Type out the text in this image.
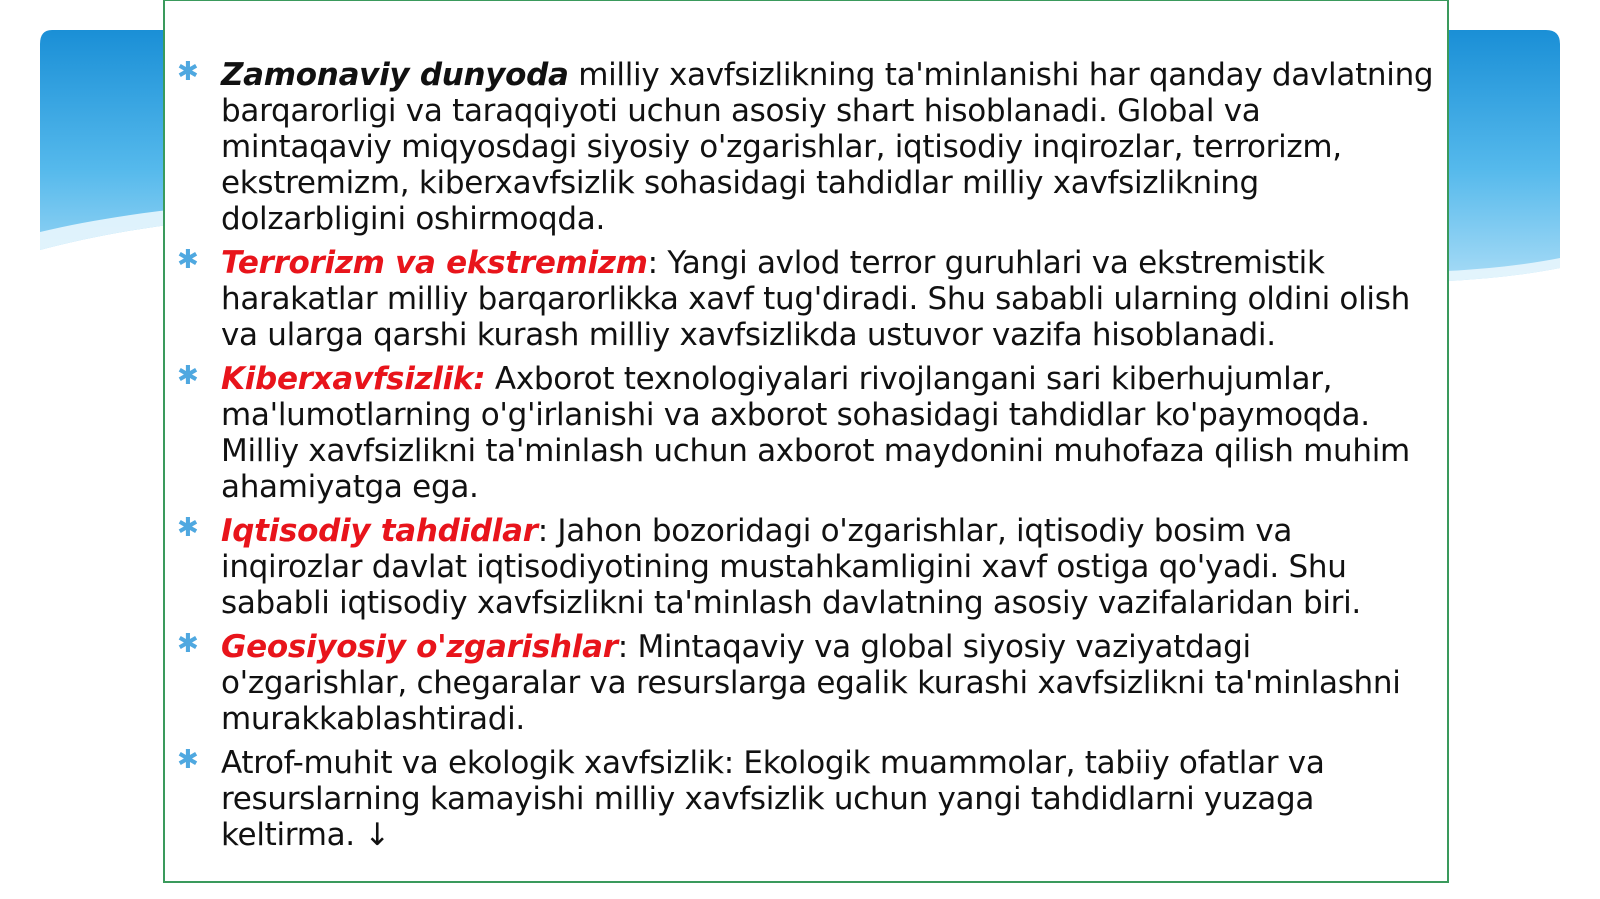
✱ Zamonaviy dunyoda milliy xavfsizlikning ta'minlanishi har qanday davlatning barqarorligi va taraqqiyoti uchun asosiy shart hisoblanadi. Global va mintaqaviy miqyosdagi siyosiy o'zgarishlar, iqtisodiy inqirozlar, terrorizm, ekstremizm, kiberxavfsizlik sohasidagi tahdidlar milliy xavfsizlikning dolzarbligini oshirmoqda.
✱ Terrorizm va ekstremizm: Yangi avlod terror guruhlari va ekstremistik harakatlar milliy barqarorlikka xavf tug'diradi. Shu sababli ularning oldini olish va ularga qarshi kurash milliy xavfsizlikda ustuvor vazifa hisoblanadi.
✱ Kiberxavfsizlik: Axborot texnologiyalari rivojlangani sari kiberhujumlar, ma'lumotlarning o'g'irlanishi va axborot sohasidagi tahdidlar ko'paymoqda. Milliy xavfsizlikni ta'minlash uchun axborot maydonini muhofaza qilish muhim ahamiyatga ega.
✱ Iqtisodiy tahdidlar: Jahon bozoridagi o'zgarishlar, iqtisodiy bosim va inqirozlar davlat iqtisodiyotining mustahkamligini xavf ostiga qo'yadi. Shu sababli iqtisodiy xavfsizlikni ta'minlash davlatning asosiy vazifalaridan biri.
✱ Geosiyosiy o'zgarishlar: Mintaqaviy va global siyosiy vaziyatdagi o'zgarishlar, chegaralar va resurslarga egalik kurashi xavfsizlikni ta'minlashni murakkablashtiradi.
✱ Atrof-muhit va ekologik xavfsizlik: Ekologik muammolar, tabiiy ofatlar va resurslarning kamayishi milliy xavfsizlik uchun yangi tahdidlarni yuzaga keltirma. ↓
